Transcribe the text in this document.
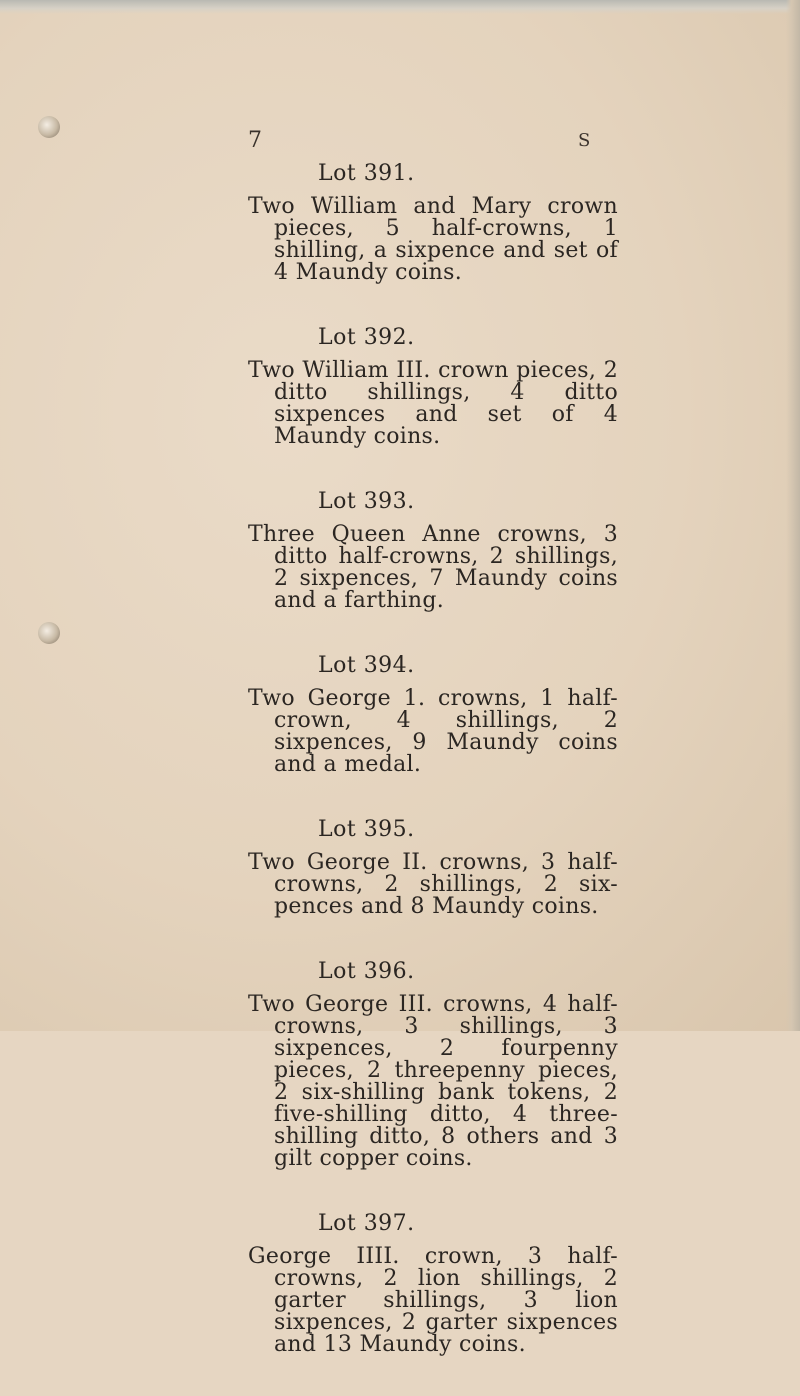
7	S
Lot 391.
Two William and Mary crown pieces, 5 half-crowns, 1 shilling, a sixpence and set of 4 Maundy coins.
Lot 392.
Two William III. crown pieces, 2 ditto shillings, 4 ditto sixpences and set of 4 Maundy coins.
Lot 393.
Three Queen Anne crowns, 3 ditto half-crowns, 2 shillings, 2 sixpences, 7 Maundy coins and a farthing.
Lot 394.
Two George 1. crowns, 1 half-crown, 4 shillings, 2 sixpences, 9 Maundy coins and a medal.
Lot 395.
Two George II. crowns, 3 half-crowns, 2 shillings, 2 six-pences and 8 Maundy coins.
Lot 396.
Two George III. crowns, 4 half-crowns, 3 shillings, 3 sixpences, 2 fourpenny pieces, 2 threepenny pieces, 2 six-shilling bank tokens, 2 five-shilling ditto, 4 three-shilling ditto, 8 others and 3 gilt copper coins.
Lot 397.
George IIII. crown, 3 half-crowns, 2 lion shillings, 2 garter shillings, 3 lion sixpences, 2 garter sixpences and 13 Maundy coins.
